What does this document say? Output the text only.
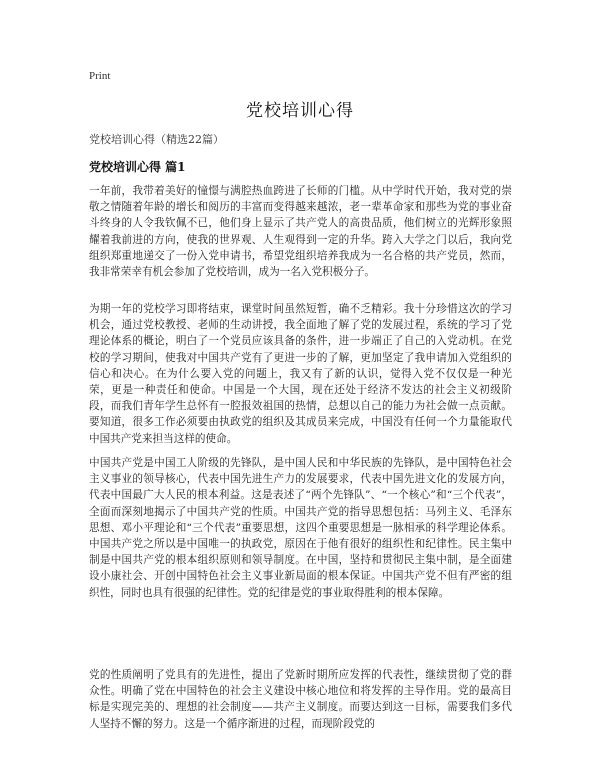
Print
党校培训心得
党校培训心得（精选22篇）
党校培训心得 篇1

一年前，我带着美好的憧憬与满腔热血跨进了长师的门槛。从中学时代开始，我对党的崇敬之情随着年龄的增长和阅历的丰富而变得越来越浓，老一辈革命家和那些为党的事业奋斗终身的人令我钦佩不已，他们身上显示了共产党人的高贵品质，他们树立的光辉形象照耀着我前进的方向，使我的世界观、人生观得到一定的升华。跨入大学之门以后，我向党组织郑重地递交了一份入党申请书，希望党组织培养我成为一名合格的共产党员，然而，我非常荣幸有机会参加了党校培训，成为一名入党积极分子。

为期一年的党校学习即将结束，课堂时间虽然短暂，确不乏精彩。我十分珍惜这次的学习机会，通过党校教授、老师的生动讲授，我全面地了解了党的发展过程，系统的学习了党理论体系的概论，明白了一个党员应该具备的条件，进一步端正了自己的入党动机。在党校的学习期间，使我对中国共产党有了更进一步的了解，更加坚定了我申请加入党组织的信心和决心。在为什么要入党的问题上，我又有了新的认识，觉得入党不仅仅是一种光荣，更是一种责任和使命。中国是一个大国，现在还处于经济不发达的社会主义初级阶段，而我们青年学生总怀有一腔报效祖国的热情，总想以自己的能力为社会做一点贡献。要知道，很多工作必须要由执政党的组织及其成员来完成，中国没有任何一个力量能取代中国共产党来担当这样的使命。

中国共产党是中国工人阶级的先锋队，是中国人民和中华民族的先锋队，是中国特色社会主义事业的领导核心，代表中国先进生产力的发展要求，代表中国先进文化的发展方向，代表中国最广大人民的根本利益。这是表述了“两个先锋队”、“一个核心”和“三个代表”，全面而深刻地揭示了中国共产党的性质。中国共产党的指导思想包括：马列主义、毛泽东思想、邓小平理论和“三个代表”重要思想，这四个重要思想是一脉相承的科学理论体系。中国共产党之所以是中国唯一的执政党，原因在于他有很好的组织性和纪律性。民主集中制是中国共产党的根本组织原则和领导制度。在中国，坚持和贯彻民主集中制，是全面建设小康社会、开创中国特色社会主义事业新局面的根本保证。中国共产党不但有严密的组织性，同时也具有很强的纪律性。党的纪律是党的事业取得胜利的根本保障。

党的性质阐明了党具有的先进性，提出了党新时期所应发挥的代表性，继续贯彻了党的群众性。明确了党在中国特色的社会主义建设中核心地位和将发挥的主导作用。党的最高目标是实现完美的、理想的社会制度——共产主义制度。而要达到这一目标，需要我们多代人坚持不懈的努力。这是一个循序渐进的过程，而现阶段党的
